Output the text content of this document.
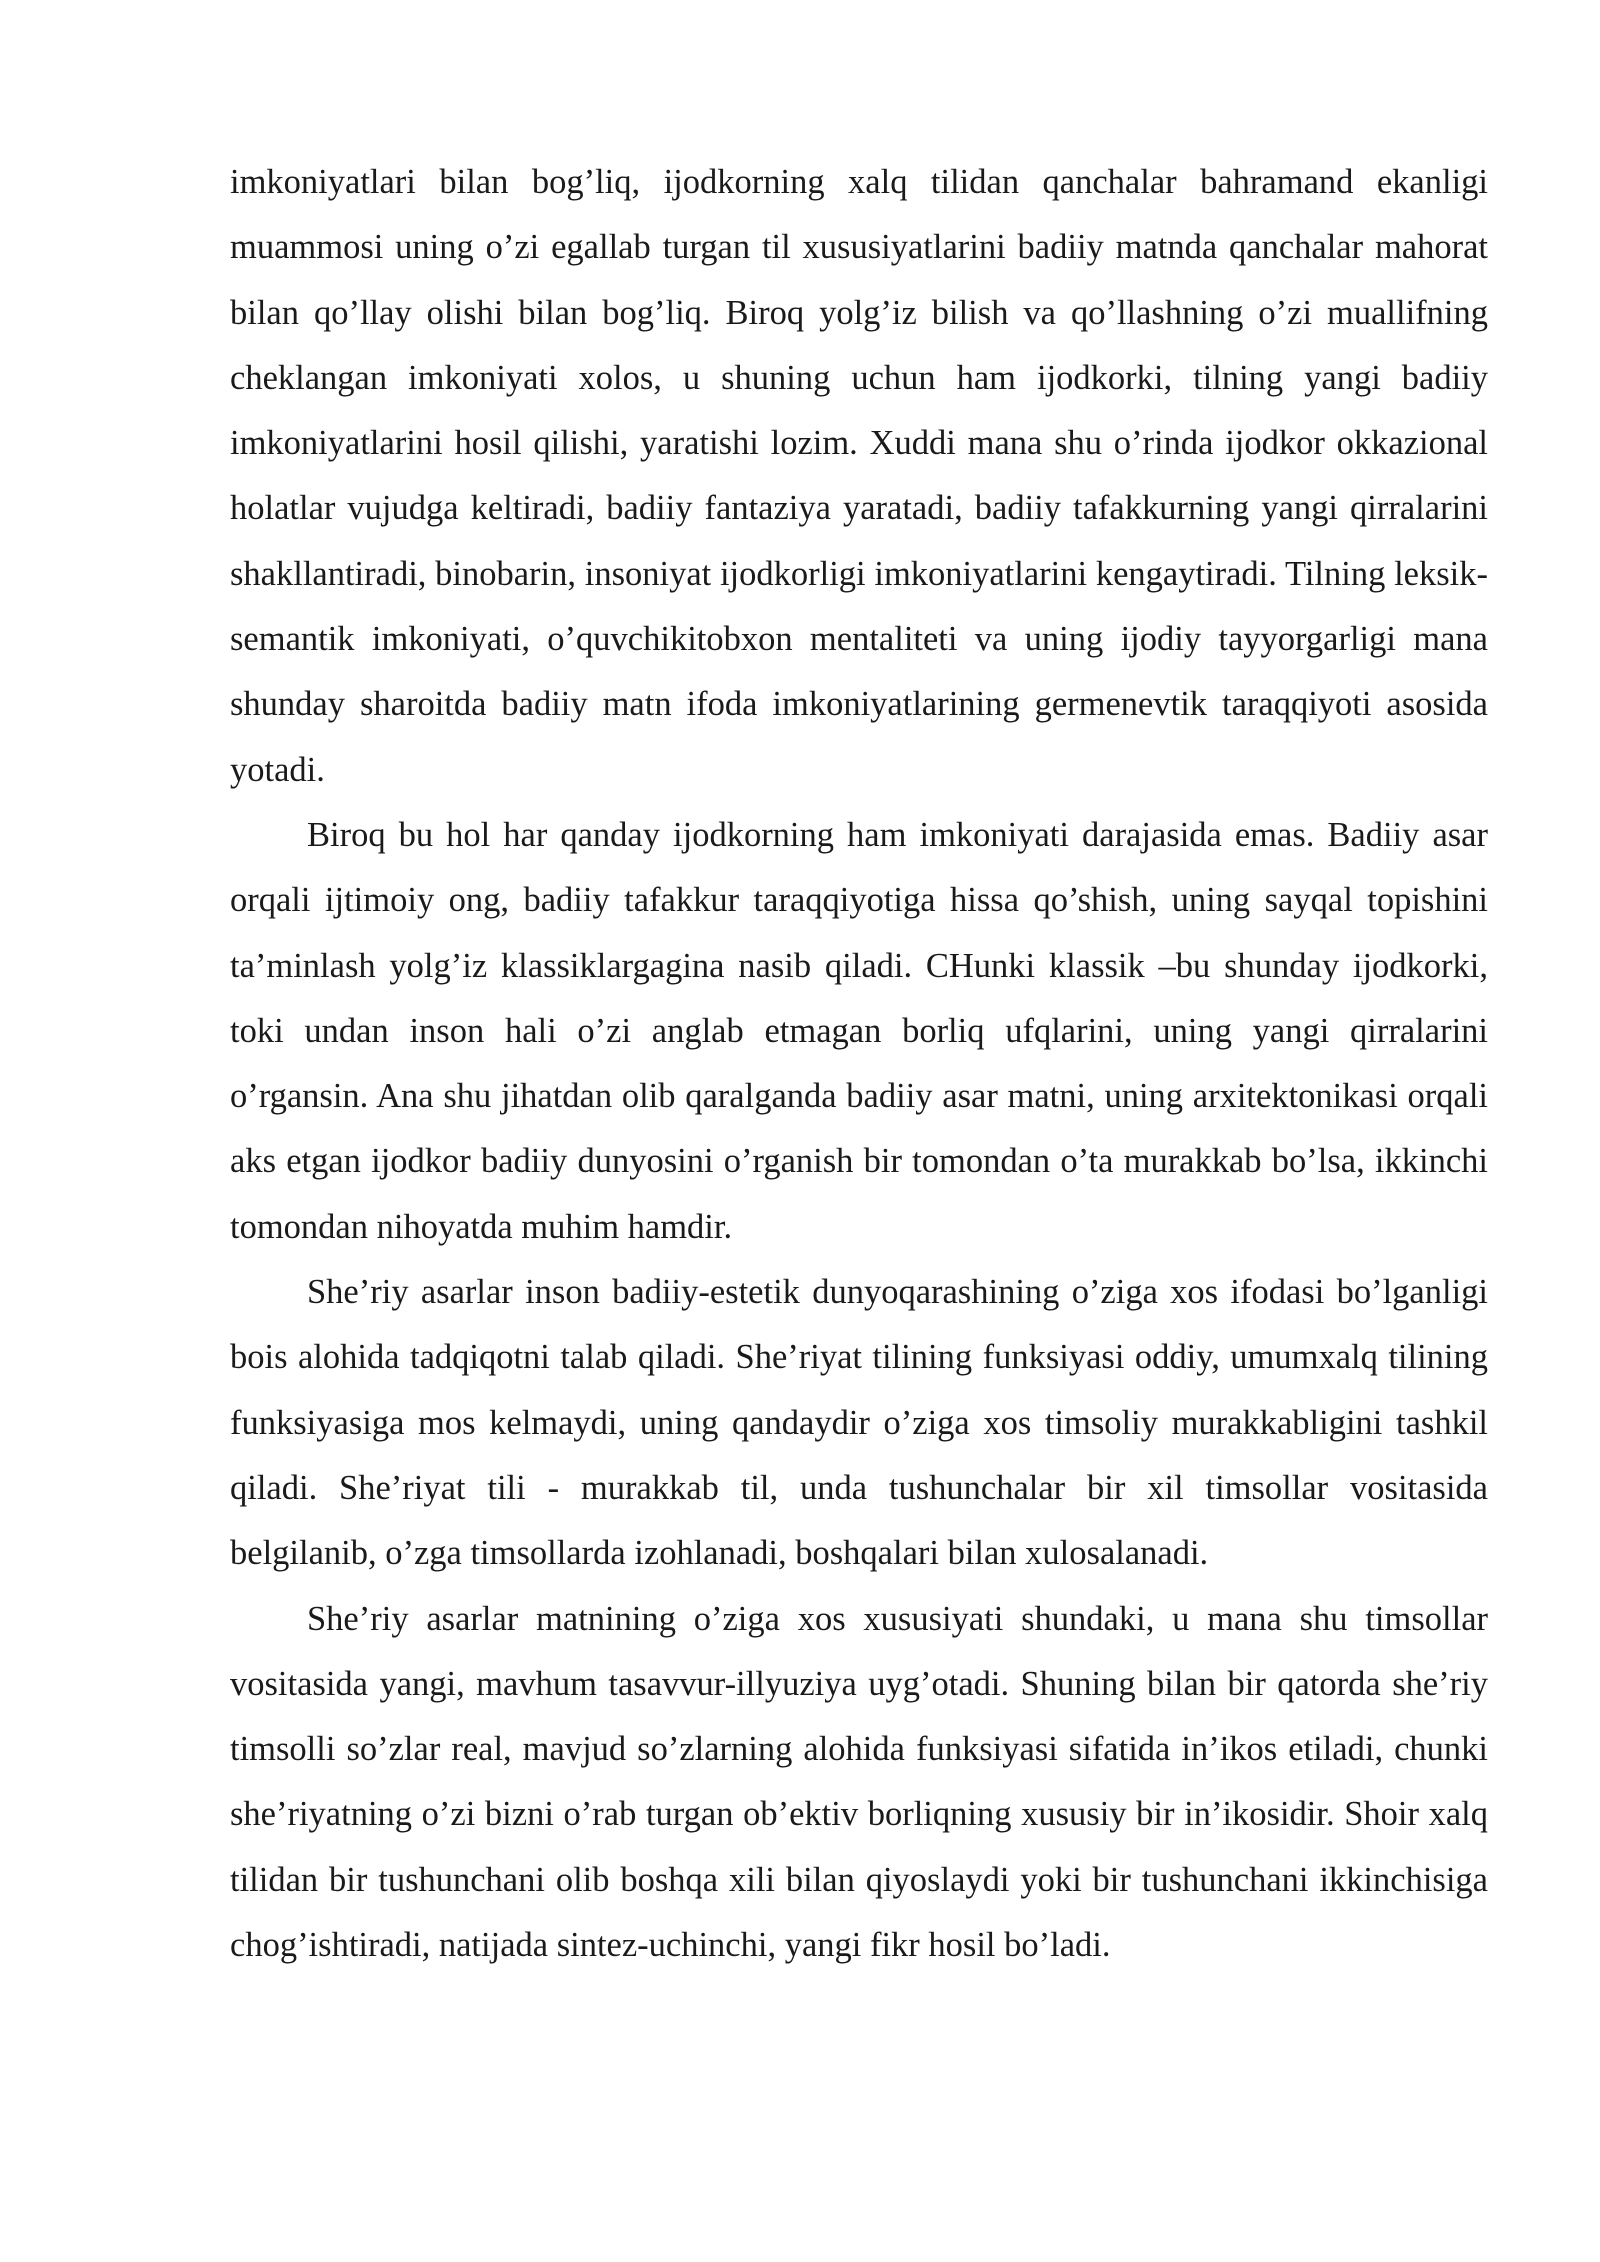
imkoniyatlari bilan bog’liq, ijodkorning xalq tilidan qanchalar bahramand ekanligi muammosi uning o’zi egallab turgan til xususiyatlarini badiiy matnda qanchalar mahorat bilan qo’llay olishi bilan bog’liq. Biroq yolg’iz bilish va qo’llashning o’zi muallifning cheklangan imkoniyati xolos, u shuning uchun ham ijodkorki, tilning yangi badiiy imkoniyatlarini hosil qilishi, yaratishi lozim. Xuddi mana shu o’rinda ijodkor okkazional holatlar vujudga keltiradi, badiiy fantaziya yaratadi, badiiy tafakkurning yangi qirralarini shakllantiradi, binobarin, insoniyat ijodkorligi imkoniyatlarini kengaytiradi. Tilning leksik-semantik imkoniyati, o’quvchikitobxon mentaliteti va uning ijodiy tayyorgarligi mana shunday sharoitda badiiy matn ifoda imkoniyatlarining germenevtik taraqqiyoti asosida yotadi.

Biroq bu hol har qanday ijodkorning ham imkoniyati darajasida emas. Badiiy asar orqali ijtimoiy ong, badiiy tafakkur taraqqiyotiga hissa qo’shish, uning sayqal topishini ta’minlash yolg’iz klassiklargagina nasib qiladi. CHunki klassik –bu shunday ijodkorki, toki undan inson hali o’zi anglab etmagan borliq ufqlarini, uning yangi qirralarini o’rgansin. Ana shu jihatdan olib qaralganda badiiy asar matni, uning arxitektonikasi orqali aks etgan ijodkor badiiy dunyosini o’rganish bir tomondan o’ta murakkab bo’lsa, ikkinchi tomondan nihoyatda muhim hamdir.

She’riy asarlar inson badiiy-estetik dunyoqarashining o’ziga xos ifodasi bo’lganligi bois alohida tadqiqotni talab qiladi. She’riyat tilining funksiyasi oddiy, umumxalq tilining funksiyasiga mos kelmaydi, uning qandaydir o’ziga xos timsoliy murakkabligini tashkil qiladi. She’riyat tili - murakkab til, unda tushunchalar bir xil timsollar vositasida belgilanib, o’zga timsollarda izohlanadi, boshqalari bilan xulosalanadi.

She’riy asarlar matnining o’ziga xos xususiyati shundaki, u mana shu timsollar vositasida yangi, mavhum tasavvur-illyuziya uyg’otadi. Shuning bilan bir qatorda she’riy timsolli so’zlar real, mavjud so’zlarning alohida funksiyasi sifatida in’ikos etiladi, chunki she’riyatning o’zi bizni o’rab turgan ob’ektiv borliqning xususiy bir in’ikosidir. Shoir xalq tilidan bir tushunchani olib boshqa xili bilan qiyoslaydi yoki bir tushunchani ikkinchisiga chog’ishtiradi, natijada sintez-uchinchi, yangi fikr hosil bo’ladi.
